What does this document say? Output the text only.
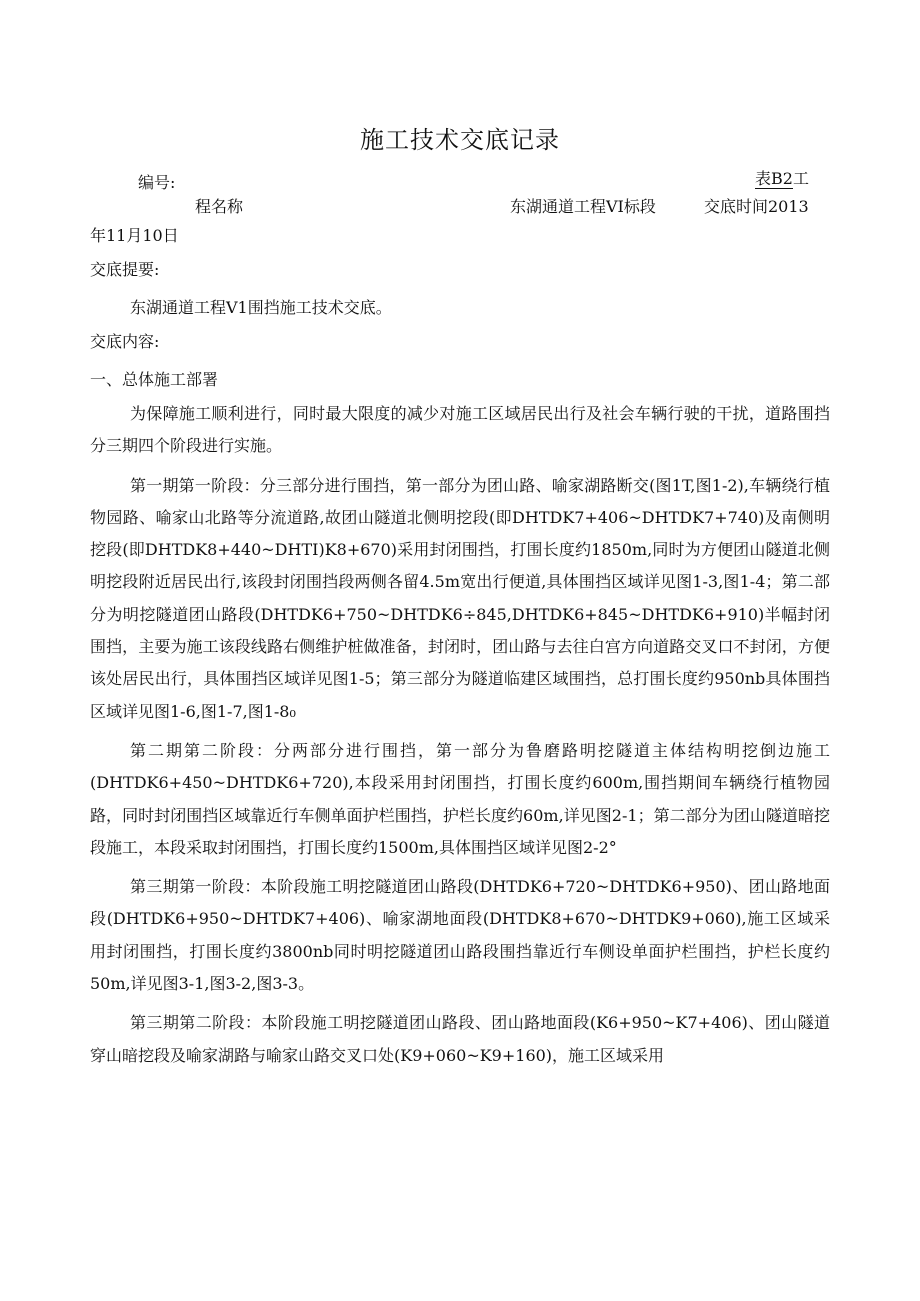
施工技术交底记录
编号:	表B2工
程名称	东湖通道工程VI标段	交底时间2013
年11月10日
交底提要:
东湖通道工程V1围挡施工技术交底。
交底内容:
一、总体施工部署

为保障施工顺利进行，同时最大限度的减少对施工区域居民出行及社会车辆行驶的干扰，道路围挡分三期四个阶段进行实施。

第一期第一阶段：分三部分进行围挡，第一部分为团山路、喻家湖路断交(图1T,图1-2),车辆绕行植物园路、喻家山北路等分流道路,故团山隧道北侧明挖段(即DHTDK7+406~DHTDK7+740)及南侧明挖段(即DHTDK8+440~DHTI)K8+670)采用封闭围挡，打围长度约1850m,同时为方便团山隧道北侧明挖段附近居民出行,该段封闭围挡段两侧各留4.5m宽出行便道,具体围挡区域详见图1-3,图1-4；第二部分为明挖隧道团山路段(DHTDK6+750~DHTDK6÷845,DHTDK6+845~DHTDK6+910)半幅封闭围挡，主要为施工该段线路右侧维护桩做准备，封闭时，团山路与去往白宫方向道路交叉口不封闭，方便该处居民出行，具体围挡区域详见图1-5；第三部分为隧道临建区域围挡，总打围长度约950nb具体围挡区域详见图1-6,图1-7,图1-8₀

第二期第二阶段：分两部分进行围挡，第一部分为鲁磨路明挖隧道主体结构明挖倒边施工(DHTDK6+450~DHTDK6+720),本段采用封闭围挡，打围长度约600m,围挡期间车辆绕行植物园路，同时封闭围挡区域靠近行车侧单面护栏围挡，护栏长度约60m,详见图2-1；第二部分为团山隧道暗挖段施工，本段采取封闭围挡，打围长度约1500m,具体围挡区域详见图2-2°

第三期第一阶段：本阶段施工明挖隧道团山路段(DHTDK6+720~DHTDK6+950)、团山路地面段(DHTDK6+950~DHTDK7+406)、喻家湖地面段(DHTDK8+670~DHTDK9+060),施工区域采用封闭围挡，打围长度约3800nb同时明挖隧道团山路段围挡靠近行车侧设单面护栏围挡，护栏长度约50m,详见图3-1,图3-2,图3-3。

第三期第二阶段：本阶段施工明挖隧道团山路段、团山路地面段(K6+950~K7+406)、团山隧道穿山暗挖段及喻家湖路与喻家山路交叉口处(K9+060~K9+160)，施工区域采用
